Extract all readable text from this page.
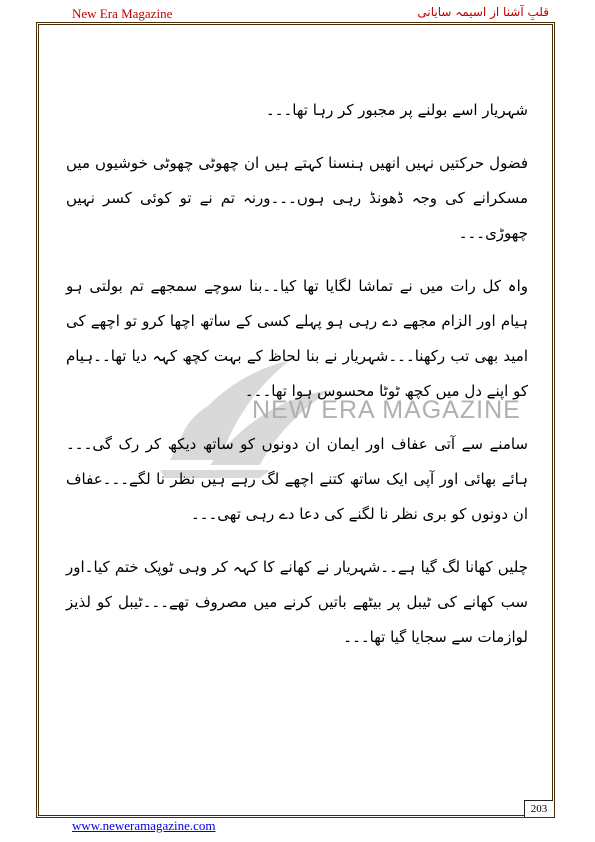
New Era Magazine	قلبِ آشنا از اسیمہ سایانی
NEW ERA MAGAZINE

شہریار اسے بولنے پر مجبور کر رہا تھا۔۔۔

فضول حرکتیں نہیں انھیں ہنسنا کہتے ہیں ان چھوٹی چھوٹی خوشیوں میں مسکرانے کی وجہ ڈھونڈ رہی ہوں۔۔۔ورنہ تم نے تو کوئی کسر نہیں چھوڑی۔۔۔

واہ کل رات میں نے تماشا لگایا تھا کیا۔۔بنا سوچے سمجھے تم بولتی ہو ہیام اور الزام مجھے دے رہی ہو پہلے کسی کے ساتھ اچھا کرو تو اچھے کی امید بھی تب رکھنا۔۔۔شہریار نے بنا لحاظ کے بہت کچھ کہہ دیا تھا۔۔ہیام کو اپنے دل میں کچھ ٹوٹا محسوس ہوا تھا۔۔۔

سامنے سے آتی عفاف اور ایمان ان دونوں کو ساتھ دیکھ کر رک گی۔۔۔ہائے بھائی اور آپی ایک ساتھ کتنے اچھے لگ رہے ہیں نظر نا لگے۔۔۔عفاف ان دونوں کو بری نظر نا لگنے کی دعا دے رہی تھی۔۔۔

چلیں کھانا لگ گیا ہے۔۔شہریار نے کھانے کا کہہ کر وہی ٹوپک ختم کیا۔اور سب کھانے کی ٹیبل پر بیٹھے باتیں کرنے میں مصروف تھے۔۔۔ٹیبل کو لذیز لوازمات سے سجایا گیا تھا۔۔۔

203
www.neweramagazine.com
